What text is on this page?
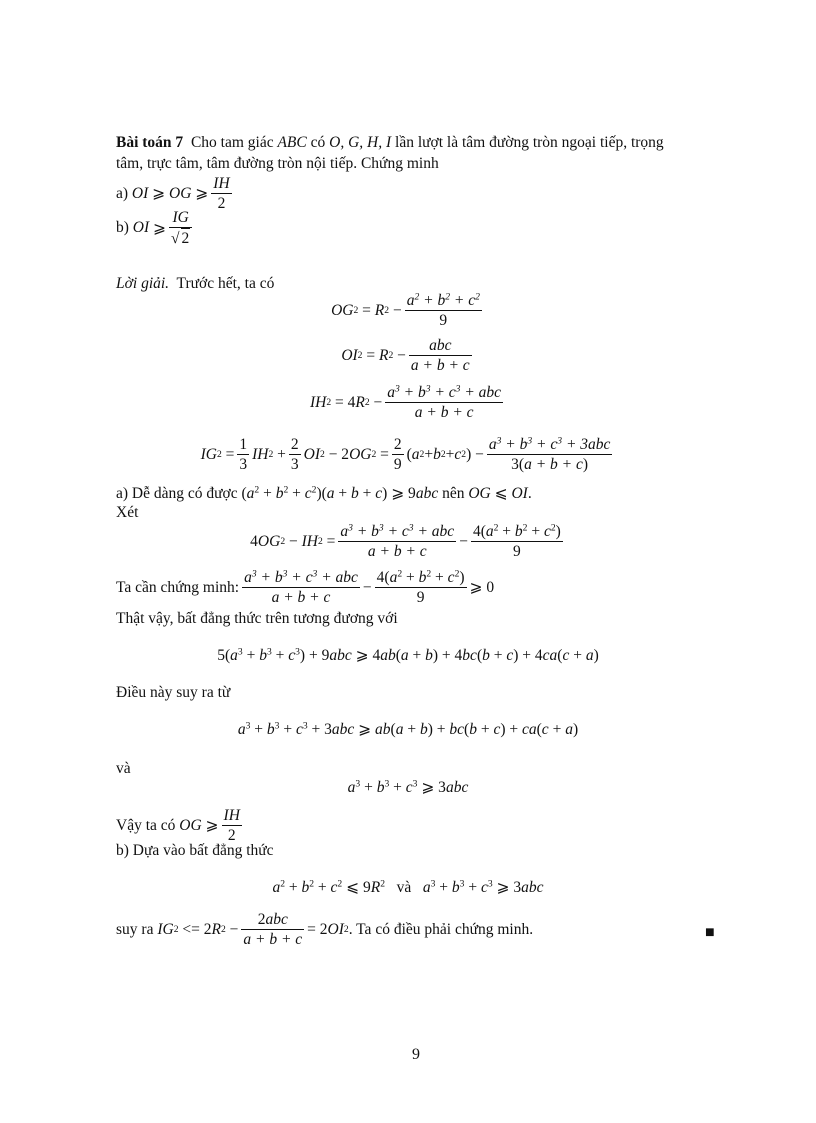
Bài toán 7 Cho tam giác ABC có O, G, H, I lần lượt là tâm đường tròn ngoại tiếp, trọng
tâm, trực tâm, tâm đường tròn nội tiếp. Chứng minh
a)
OI ⩾ OG ⩾ $\frac{IH}{2}$
b)
OI ⩾ $\frac{IG}{√ 2}$
Lời giải. Trước hết, ta có
OG 2 = R $2 - \frac{a^2 + b^2 + c^2}{9}$
OI 2 = R $2 - \frac{\text{abc}}{a + b + c}$
IH 2 = 4 R $2 - \frac{a^3 + b^3 + c^3 + abc}{a + b + c}$
IG $2 = \frac{1}{3}$ IH $2 + \frac{2}{3}$ OI 2 − 2 OG $2 = \frac{2}{9}$ ( a 2 + b 2 + c 2 ) − $\frac{a^3 + b^3 + c^3 + 3abc}{3(a + b + c)}$
a) Dễ dàng có được $(a^2 + b^2 + c^2)(a + b + c)$ ⩾ 9abc nên OG ⩽ OI.
Xét
4 OG 2 − IH $2 = \frac{a^3 + b^3 + c^3 + abc}{a + b + c} - \frac{4(a^2 + b^2 + c^2)}{9}$
Ta cần chứng minh: $\frac{a^3 + b^3 + c^3 + abc}{a + b + c} - \frac{4(a^2 + b^2 + c^2)}{9}$ ⩾ 0
Thật vậy, bất đẳng thức trên tương đương với
$5(a^3 + b^3 + c^3) + 9abc$ ⩾ 4ab(a + b) + 4bc(b + c) + 4ca(c + a)
Điều này suy ra từ
$a^3 + b^3 + c^3 + 3abc$ ⩾ ab(a + b) + bc(b + c) + ca(c + a)
và
$a^3 + b^3 + c^3$ ⩾ 3abc
Vậy ta có
OG ⩾ $\frac{IH}{2}$
b) Dựa vào bất đẳng thức
$a^2 + b^2 + c^2$ ⩽ $9R^2$ và $a^3 + b^3 + c^3$ ⩾ 3abc
suy ra
IG 2 <= 2 R $2 - \frac{\text{2abc}}{a + b + c} = 2$ OI 2 . Ta có điều phải chứng minh.	■
9
